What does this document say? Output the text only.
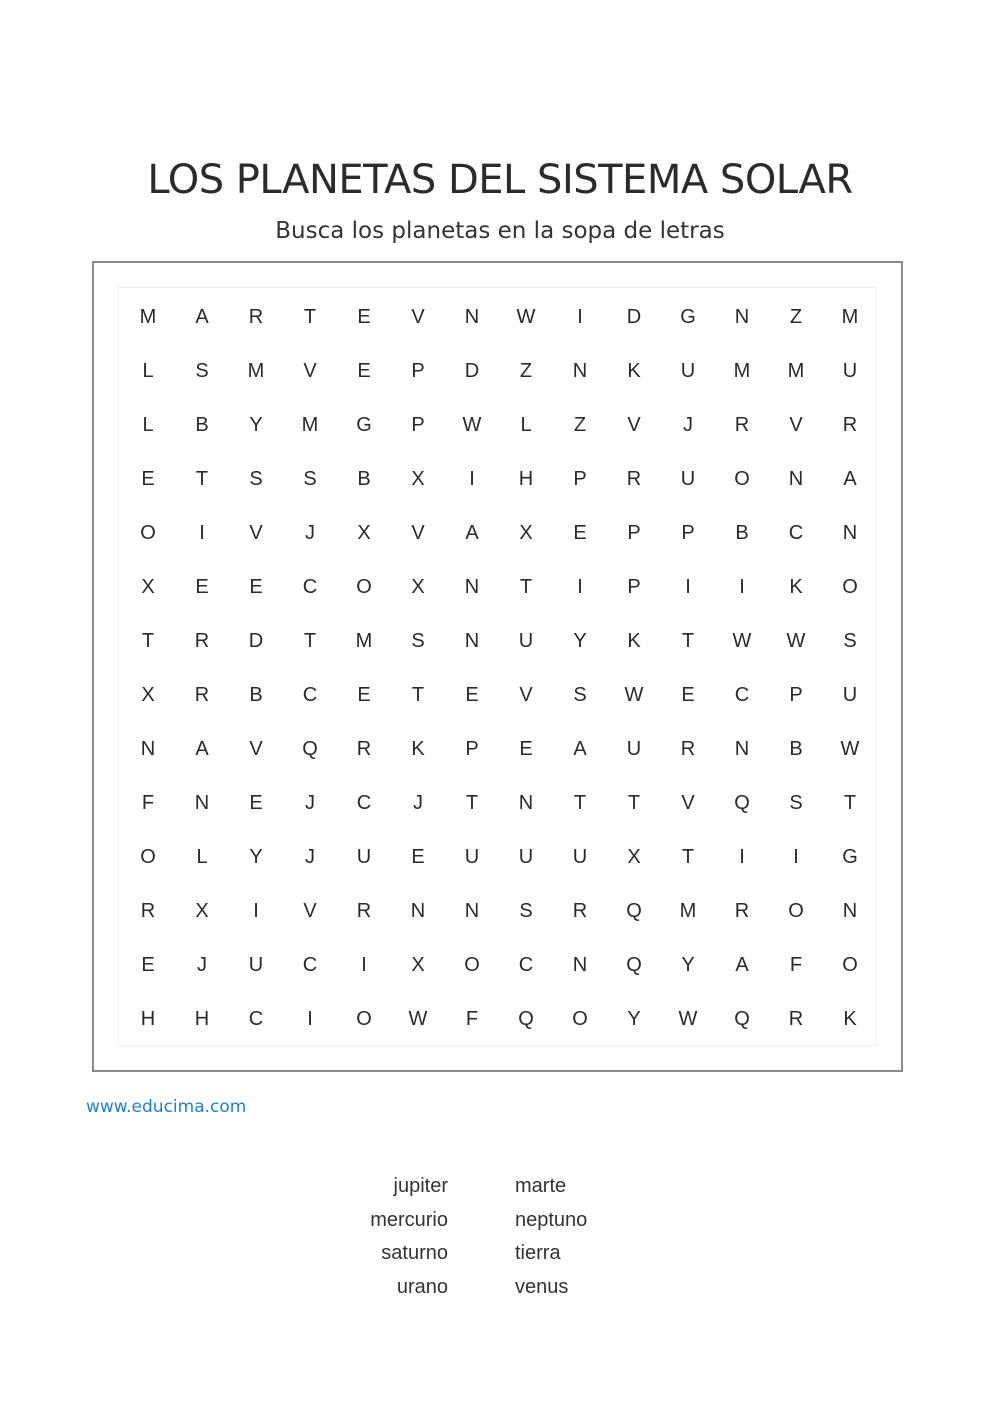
LOS PLANETAS DEL SISTEMA SOLAR
Busca los planetas en la sopa de letras
M	A	R	T	E	V	N	W	I	D	G	N	Z	M
L	S	M	V	E	P	D	Z	N	K	U	M	M	U
L	B	Y	M	G	P	W	L	Z	V	J	R	V	R
E	T	S	S	B	X	I	H	P	R	U	O	N	A
O	I	V	J	X	V	A	X	E	P	P	B	C	N
X	E	E	C	O	X	N	T	I	P	I	I	K	O
T	R	D	T	M	S	N	U	Y	K	T	W	W	S
X	R	B	C	E	T	E	V	S	W	E	C	P	U
N	A	V	Q	R	K	P	E	A	U	R	N	B	W
F	N	E	J	C	J	T	N	T	T	V	Q	S	T
O	L	Y	J	U	E	U	U	U	X	T	I	I	G
R	X	I	V	R	N	N	S	R	Q	M	R	O	N
E	J	U	C	I	X	O	C	N	Q	Y	A	F	O
H	H	C	I	O	W	F	Q	O	Y	W	Q	R	K
www.educima.com
jupiter
mercurio
saturno
urano
marte
neptuno
tierra
venus
